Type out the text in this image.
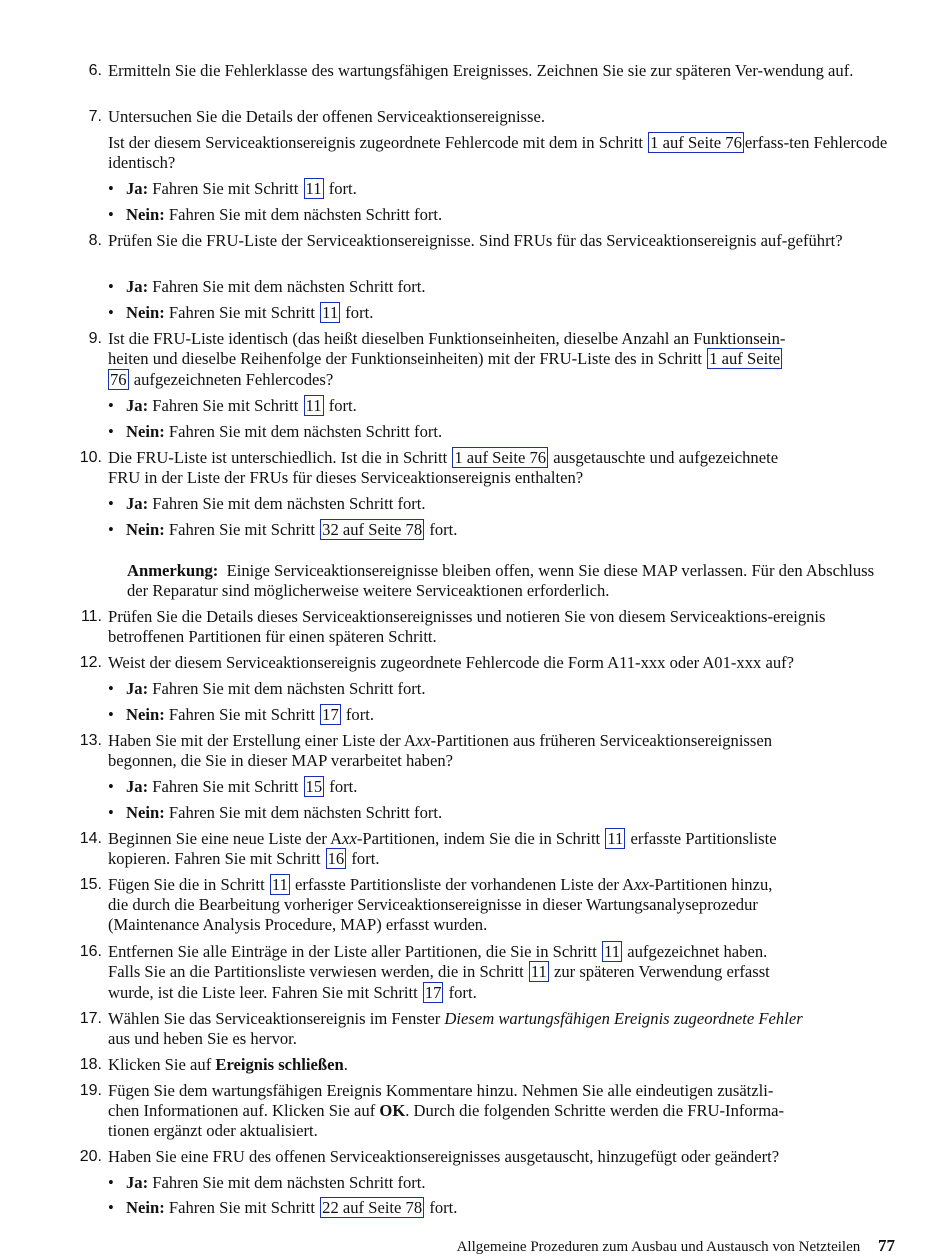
6. Ermitteln Sie die Fehlerklasse des wartungsfähigen Ereignisses. Zeichnen Sie sie zur späteren Ver-wendung auf.
7. Untersuchen Sie die Details der offenen Serviceaktionsereignisse.
Ist der diesem Serviceaktionsereignis zugeordnete Fehlercode mit dem in Schritt 1 auf Seite 76 erfass-ten Fehlercode identisch?
• Ja: Fahren Sie mit Schritt 11 fort.
• Nein: Fahren Sie mit dem nächsten Schritt fort.
8. Prüfen Sie die FRU-Liste der Serviceaktionsereignisse. Sind FRUs für das Serviceaktionsereignis auf-geführt?
• Ja: Fahren Sie mit dem nächsten Schritt fort.
• Nein: Fahren Sie mit Schritt 11 fort.
9. Ist die FRU-Liste identisch (das heißt dieselben Funktionseinheiten, dieselbe Anzahl an Funktionsein-
heiten und dieselbe Reihenfolge der Funktionseinheiten) mit der FRU-Liste des in Schritt 1 auf Seite
76 aufgezeichneten Fehlercodes?
• Ja: Fahren Sie mit Schritt 11 fort.
• Nein: Fahren Sie mit dem nächsten Schritt fort.
10. Die FRU-Liste ist unterschiedlich. Ist die in Schritt 1 auf Seite 76 ausgetauschte und aufgezeichnete
FRU in der Liste der FRUs für dieses Serviceaktionsereignis enthalten?
• Ja: Fahren Sie mit dem nächsten Schritt fort.
• Nein: Fahren Sie mit Schritt 32 auf Seite 78 fort.
Anmerkung: Einige Serviceaktionsereignisse bleiben offen, wenn Sie diese MAP verlassen. Für den Abschluss der Reparatur sind möglicherweise weitere Serviceaktionen erforderlich.
11. Prüfen Sie die Details dieses Serviceaktionsereignisses und notieren Sie von diesem Serviceaktions-ereignis betroffenen Partitionen für einen späteren Schritt.
12. Weist der diesem Serviceaktionsereignis zugeordnete Fehlercode die Form A11-xxx oder A01-xxx auf?
• Ja: Fahren Sie mit dem nächsten Schritt fort.
• Nein: Fahren Sie mit Schritt 17 fort.
13. Haben Sie mit der Erstellung einer Liste der Axx-Partitionen aus früheren Serviceaktionsereignissen
begonnen, die Sie in dieser MAP verarbeitet haben?
• Ja: Fahren Sie mit Schritt 15 fort.
• Nein: Fahren Sie mit dem nächsten Schritt fort.
14. Beginnen Sie eine neue Liste der Axx-Partitionen, indem Sie die in Schritt 11 erfasste Partitionsliste
kopieren. Fahren Sie mit Schritt 16 fort.
15. Fügen Sie die in Schritt 11 erfasste Partitionsliste der vorhandenen Liste der Axx-Partitionen hinzu,
die durch die Bearbeitung vorheriger Serviceaktionsereignisse in dieser Wartungsanalyseprozedur
(Maintenance Analysis Procedure, MAP) erfasst wurden.
16. Entfernen Sie alle Einträge in der Liste aller Partitionen, die Sie in Schritt 11 aufgezeichnet haben.
Falls Sie an die Partitionsliste verwiesen werden, die in Schritt 11 zur späteren Verwendung erfasst
wurde, ist die Liste leer. Fahren Sie mit Schritt 17 fort.
17. Wählen Sie das Serviceaktionsereignis im Fenster Diesem wartungsfähigen Ereignis zugeordnete Fehler
aus und heben Sie es hervor.
18. Klicken Sie auf Ereignis schließen.
19. Fügen Sie dem wartungsfähigen Ereignis Kommentare hinzu. Nehmen Sie alle eindeutigen zusätzli-
chen Informationen auf. Klicken Sie auf OK. Durch die folgenden Schritte werden die FRU-Informa-
tionen ergänzt oder aktualisiert.
20. Haben Sie eine FRU des offenen Serviceaktionsereignisses ausgetauscht, hinzugefügt oder geändert?
• Ja: Fahren Sie mit dem nächsten Schritt fort.
• Nein: Fahren Sie mit Schritt 22 auf Seite 78 fort.
Allgemeine Prozeduren zum Ausbau und Austausch von Netzteilen 77
